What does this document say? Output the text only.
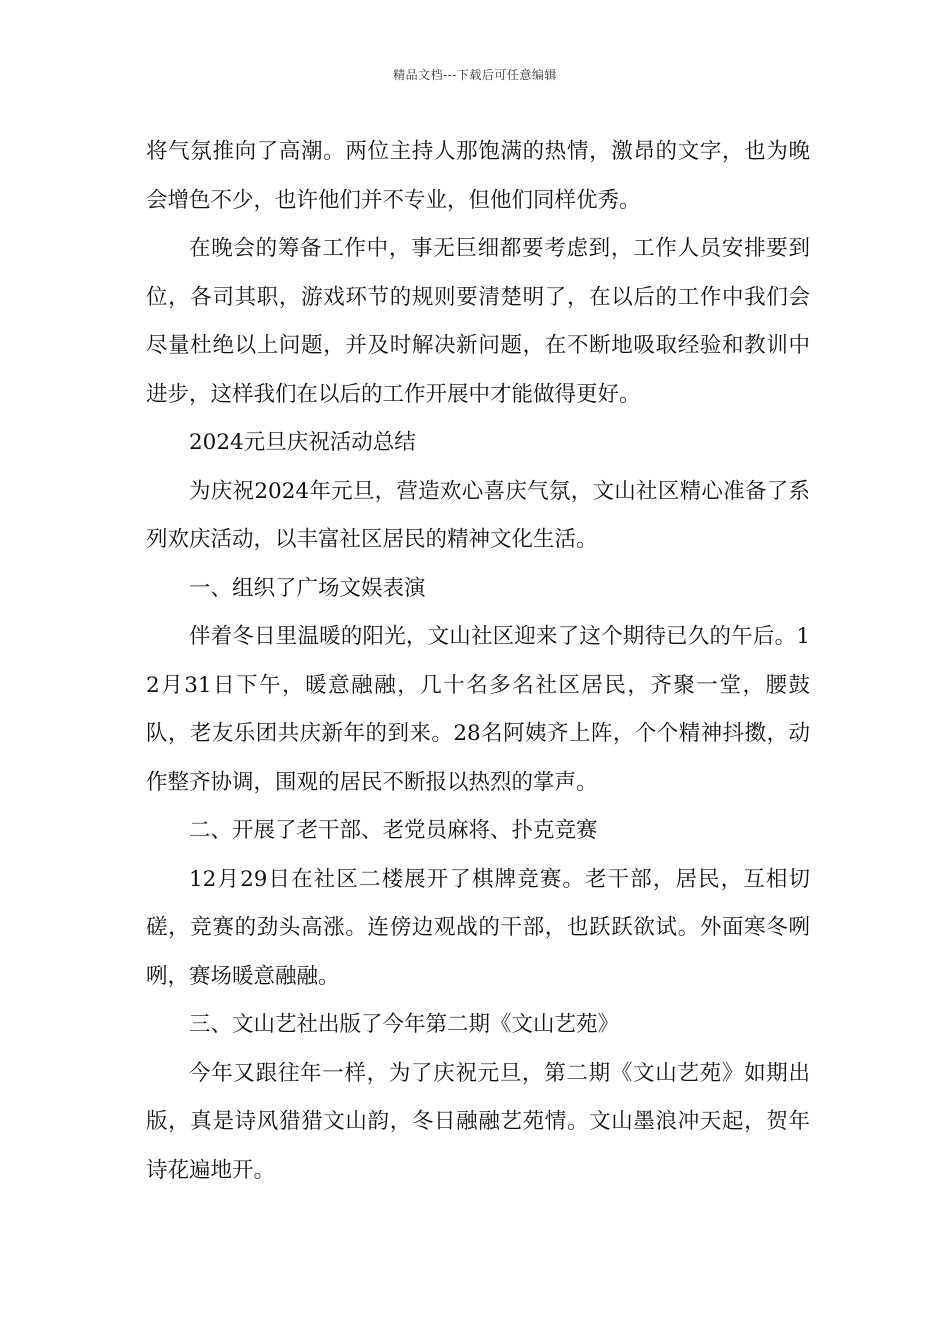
精品文档---下载后可任意编辑

将气氛推向了高潮。两位主持人那饱满的热情，激昂的文字，也为晚会增色不少，也许他们并不专业，但他们同样优秀。

在晚会的筹备工作中，事无巨细都要考虑到，工作人员安排要到位，各司其职，游戏环节的规则要清楚明了，在以后的工作中我们会尽量杜绝以上问题，并及时解决新问题，在不断地吸取经验和教训中进步，这样我们在以后的工作开展中才能做得更好。

2024元旦庆祝活动总结

为庆祝2024年元旦，营造欢心喜庆气氛，文山社区精心准备了系列欢庆活动，以丰富社区居民的精神文化生活。

一、组织了广场文娱表演

伴着冬日里温暖的阳光，文山社区迎来了这个期待已久的午后。12月31日下午，暖意融融，几十名多名社区居民，齐聚一堂，腰鼓队，老友乐团共庆新年的到来。28名阿姨齐上阵，个个精神抖擞，动作整齐协调，围观的居民不断报以热烈的掌声。

二、开展了老干部、老党员麻将、扑克竞赛

12月29日在社区二楼展开了棋牌竞赛。老干部，居民，互相切磋，竞赛的劲头高涨。连傍边观战的干部，也跃跃欲试。外面寒冬咧咧，赛场暖意融融。

三、文山艺社出版了今年第二期《文山艺苑》

今年又跟往年一样，为了庆祝元旦，第二期《文山艺苑》如期出版，真是诗风猎猎文山韵，冬日融融艺苑情。文山墨浪冲天起，贺年诗花遍地开。
